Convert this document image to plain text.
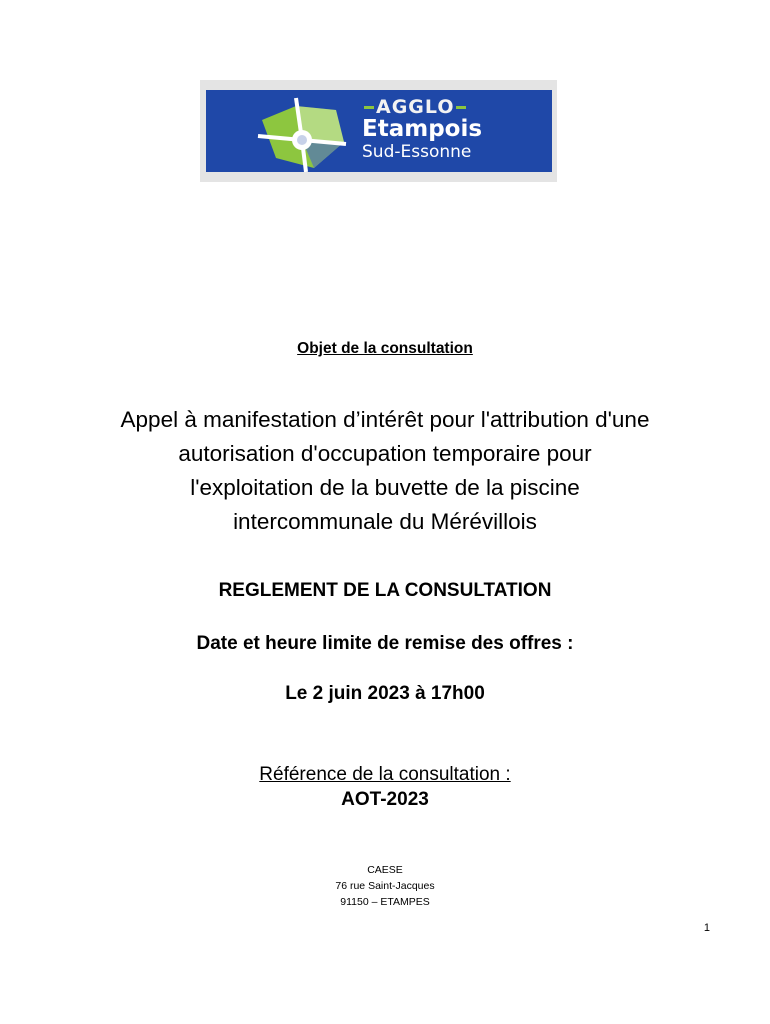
AGGLO
Etampois
Sud-Essonne
Objet de la consultation
Appel à manifestation d’intérêt pour l'attribution d'une
autorisation d'occupation temporaire pour
l'exploitation de la buvette de la piscine
intercommunale du Mérévillois
REGLEMENT DE LA CONSULTATION
Date et heure limite de remise des offres :
Le 2 juin 2023 à 17h00
Référence de la consultation :
AOT-2023
CAESE
76 rue Saint-Jacques
91150 – ETAMPES
1
